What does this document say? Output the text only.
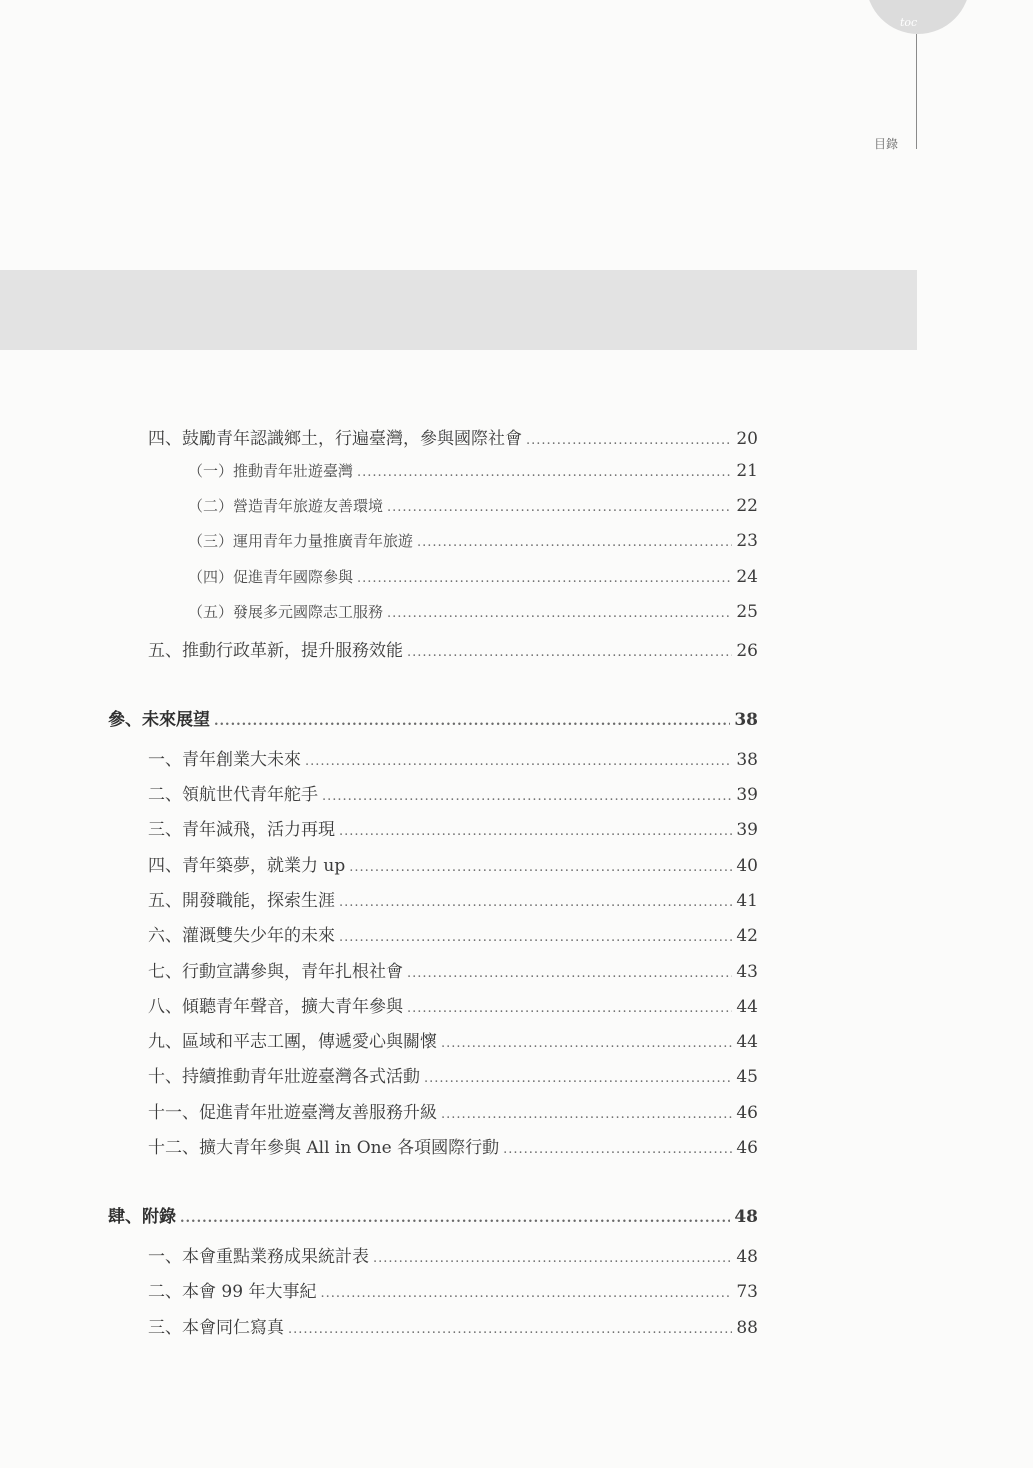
toc
目錄
四、鼓勵青年認識鄉土，行遍臺灣，參與國際社會 .....	20
（一）推動青年壯遊臺灣 .....	21
（二）營造青年旅遊友善環境 .....	22
（三）運用青年力量推廣青年旅遊 .....	23
（四）促進青年國際參與 .....	24
（五）發展多元國際志工服務 .....	25
五、推動行政革新，提升服務效能 .....	26
參、未來展望 .....	38
一、青年創業大未來 .....	38
二、領航世代青年舵手 .....	39
三、青年減飛，活力再現 .....	39
四、青年築夢，就業力 up .....	40
五、開發職能，探索生涯 .....	41
六、灌溉雙失少年的未來 .....	42
七、行動宣講參與，青年扎根社會 .....	43
八、傾聽青年聲音，擴大青年參與 .....	44
九、區域和平志工團，傳遞愛心與關懷 .....	44
十、持續推動青年壯遊臺灣各式活動 .....	45
十一、促進青年壯遊臺灣友善服務升級 .....	46
十二、擴大青年參與 All in One 各項國際行動 .....	46
肆、附錄 .....	48
一、本會重點業務成果統計表 .....	48
二、本會 99 年大事紀 .....	73
三、本會同仁寫真 .....	88
